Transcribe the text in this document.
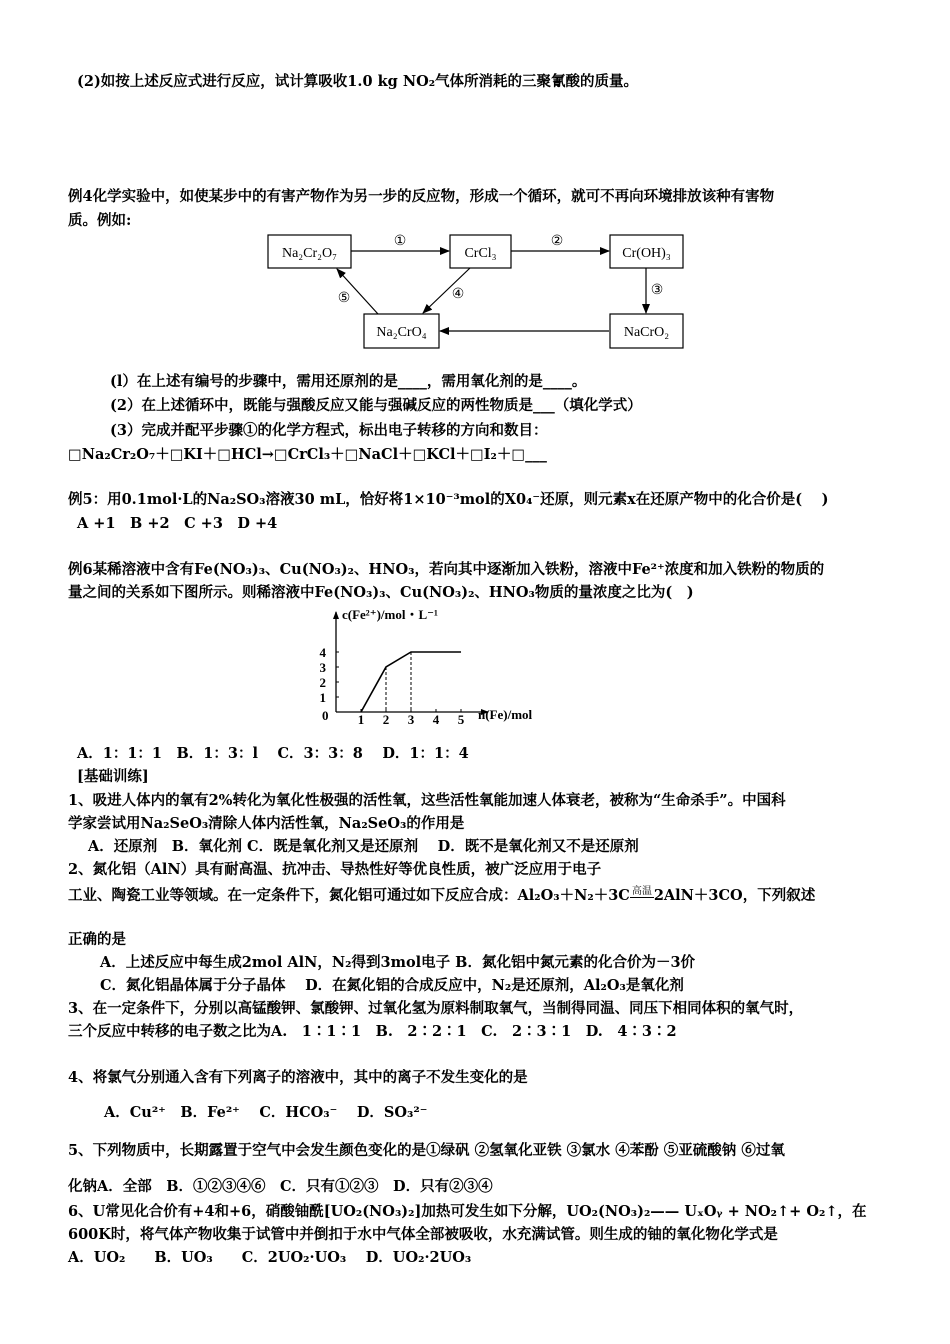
(2)如按上述反应式进行反应，试计算吸收1.0 kg NO₂气体所消耗的三聚氰酸的质量。
例4化学实验中，如使某步中的有害产物作为另一步的反应物，形成一个循环，就可不再向环境排放该种有害物
质。例如:
Na₂Cr₂O₇	CrCl₃	Cr(OH)₃
Na₂CrO₄	NaCrO₂
①	②
③
④
⑤
(l）在上述有编号的步骤中，需用还原剂的是____，需用氧化剂的是____。
(2）在上述循环中，既能与强酸反应又能与强碱反应的两性物质是___（填化学式）
(3）完成并配平步骤①的化学方程式，标出电子转移的方向和数目：
□Na₂Cr₂O₇＋□KI＋□HCl→□CrCl₃＋□NaCl＋□KCl＋□I₂＋□___
例5：用0.1mol·L的Na₂SO₃溶液30 mL，恰好将1×10⁻³mol的X0₄⁻还原，则元素x在还原产物中的化合价是(　 )
A +1　B +2　C +3　D +4
例6某稀溶液中含有Fe(NO₃)₃、Cu(NO₃)₂、HNO₃，若向其中逐渐加入铁粉，溶液中Fe²⁺浓度和加入铁粉的物质的
量之间的关系如下图所示。则稀溶液中Fe(NO₃)₃、Cu(NO₃)₂、HNO₃物质的量浓度之比为(　)
c(Fe²⁺)/mol・L⁻¹
n(Fe)/mol
0 1 2 3 4 5
1
2
3
4
A．1：1：1　B．1：3：l　 C．3：3：8　 D．1：1：4
[基础训练]
1、吸进人体内的氧有2%转化为氧化性极强的活性氧，这些活性氧能加速人体衰老，被称为“生命杀手”。中国科
学家尝试用Na₂SeO₃清除人体内活性氧，Na₂SeO₃的作用是
A．还原剂　B．氧化剂 C．既是氧化剂又是还原剂　 D．既不是氧化剂又不是还原剂
2、氮化铝（AlN）具有耐高温、抗冲击、导热性好等优良性质，被广泛应用于电子
工业、陶瓷工业等领域。在一定条件下，氮化铝可通过如下反应合成：Al₂O₃＋N₂＋3C 高温 2AlN＋3CO，下列叙述
正确的是
A．上述反应中每生成2mol AlN，N₂得到3mol电子 B．氮化铝中氮元素的化合价为－3价
C．氮化铝晶体属于分子晶体　 D．在氮化铝的合成反应中，N₂是还原剂，Al₂O₃是氧化剂
3、在一定条件下，分别以高锰酸钾、氯酸钾、过氧化氢为原料制取氧气，当制得同温、同压下相同体积的氧气时，
三个反应中转移的电子数之比为A.　1∶1∶1　B.　2∶2∶1　C.　2∶3∶1　D.　4∶3∶2
4、将氯气分别通入含有下列离子的溶液中，其中的离子不发生变化的是
A．Cu²⁺　B．Fe²⁺　 C．HCO₃⁻　 D．SO₃²⁻
5、下列物质中，长期露置于空气中会发生颜色变化的是①绿矾 ②氢氧化亚铁 ③氯水 ④苯酚 ⑤亚硫酸钠 ⑥过氧
化钠A．全部　B．①②③④⑥　C．只有①②③　D．只有②③④
6、U常见化合价有+4和+6，硝酸铀酰[UO₂(NO₃)₂]加热可发生如下分解，UO₂(NO₃)₂—— UₓOᵧ + NO₂↑+ O₂↑，在
600K时，将气体产物收集于试管中并倒扣于水中气体全部被吸收，水充满试管。则生成的铀的氧化物化学式是
A．UO₂　　B．UO₃　　C．2UO₂·UO₃　 D．UO₂·2UO₃
